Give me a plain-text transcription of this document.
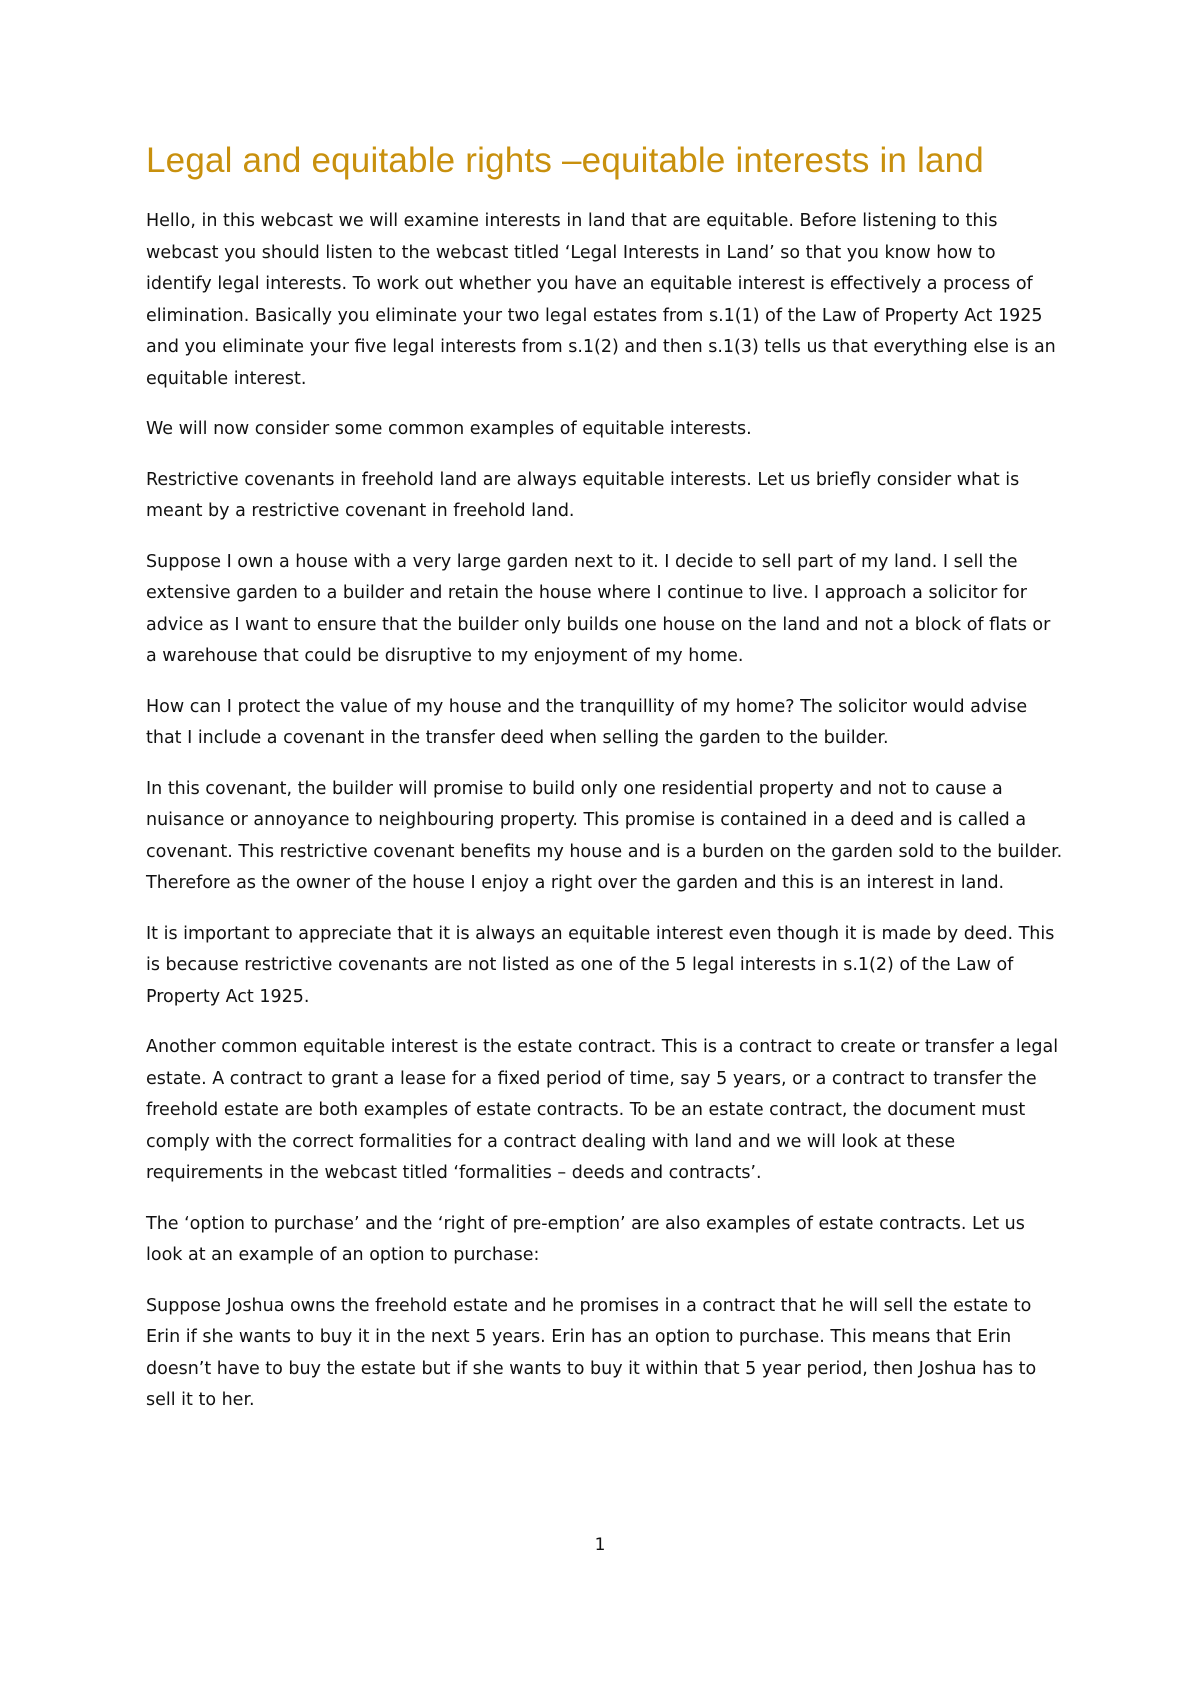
Legal and equitable rights –equitable interests in land

Hello, in this webcast we will examine interests in land that are equitable. Before listening to this webcast you should listen to the webcast titled ‘Legal Interests in Land’ so that you know how to identify legal interests. To work out whether you have an equitable interest is effectively a process of elimination. Basically you eliminate your two legal estates from s.1(1) of the Law of Property Act 1925 and you eliminate your five legal interests from s.1(2) and then s.1(3) tells us that everything else is an equitable interest.

We will now consider some common examples of equitable interests.

Restrictive covenants in freehold land are always equitable interests. Let us briefly consider what is meant by a restrictive covenant in freehold land.

Suppose I own a house with a very large garden next to it. I decide to sell part of my land. I sell the extensive garden to a builder and retain the house where I continue to live. I approach a solicitor for advice as I want to ensure that the builder only builds one house on the land and not a block of flats or a warehouse that could be disruptive to my enjoyment of my home.

How can I protect the value of my house and the tranquillity of my home? The solicitor would advise that I include a covenant in the transfer deed when selling the garden to the builder.

In this covenant, the builder will promise to build only one residential property and not to cause a nuisance or annoyance to neighbouring property. This promise is contained in a deed and is called a covenant. This restrictive covenant benefits my house and is a burden on the garden sold to the builder. Therefore as the owner of the house I enjoy a right over the garden and this is an interest in land.

It is important to appreciate that it is always an equitable interest even though it is made by deed. This is because restrictive covenants are not listed as one of the 5 legal interests in s.1(2) of the Law of Property Act 1925.

Another common equitable interest is the estate contract. This is a contract to create or transfer a legal estate. A contract to grant a lease for a fixed period of time, say 5 years, or a contract to transfer the freehold estate are both examples of estate contracts. To be an estate contract, the document must comply with the correct formalities for a contract dealing with land and we will look at these requirements in the webcast titled ‘formalities – deeds and contracts’.

The ‘option to purchase’ and the ‘right of pre-emption’ are also examples of estate contracts. Let us look at an example of an option to purchase:

Suppose Joshua owns the freehold estate and he promises in a contract that he will sell the estate to Erin if she wants to buy it in the next 5 years. Erin has an option to purchase. This means that Erin doesn’t have to buy the estate but if she wants to buy it within that 5 year period, then Joshua has to sell it to her.

1
